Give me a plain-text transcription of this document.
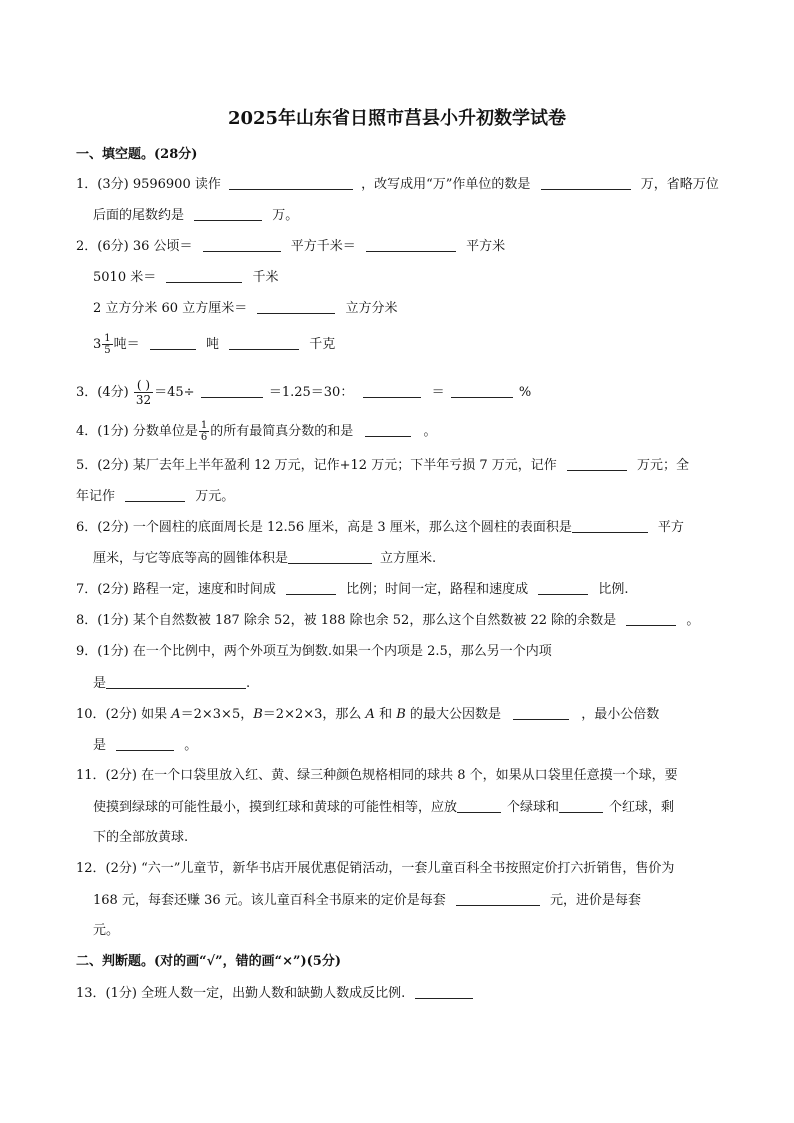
2025年山东省日照市莒县小升初数学试卷
一、填空题。(28分)
1．(3分) 9596900 读作	，改写成用“万”作单位的数是	万，省略万位
后面的尾数约是	万。
2．(6分) 36 公顷＝	平方千米＝	平方米
5010 米＝	千米
2 立方分米 60 立方厘米＝	立方分米
$3 \frac{1}{5}$ 吨＝	吨	千克
3．(4分) $\frac{( )}{32} =45\div$	＝1.25＝30：	＝	%
4．(1分) 分数单位是 $\frac{1}{6}$ 的所有最简真分数的和是	。
5．(2分) 某厂去年上半年盈利 12 万元，记作+12 万元；下半年亏损 7 万元，记作	万元；全
年记作	万元。
6．(2分) 一个圆柱的底面周长是 12.56 厘米，高是 3 厘米，那么这个圆柱的表面积是	平方
厘米，与它等底等高的圆锥体积是	立方厘米.
7．(2分) 路程一定，速度和时间成	比例；时间一定，路程和速度成	比例.
8．(1分) 某个自然数被 187 除余 52，被 188 除也余 52，那么这个自然数被 22 除的余数是	。
9．(1分) 在一个比例中，两个外项互为倒数.如果一个内项是 2.5，那么另一个内项
是	.
10．(2分) 如果 A＝2×3×5，B＝2×2×3，那么 A 和 B 的最大公因数是	，最小公倍数
是	。
11．(2分) 在一个口袋里放入红、黄、绿三种颜色规格相同的球共 8 个，如果从口袋里任意摸一个球，要
使摸到绿球的可能性最小，摸到红球和黄球的可能性相等，应放	个绿球和	个红球，剩
下的全部放黄球.
12．(2分) “六一”儿童节，新华书店开展优惠促销活动，一套儿童百科全书按照定价打六折销售，售价为
168 元，每套还赚 36 元。该儿童百科全书原来的定价是每套	元，进价是每套
元。
二、判断题。(对的画“√”，错的画“×”)(5分)
13．(1分) 全班人数一定，出勤人数和缺勤人数成反比例.
